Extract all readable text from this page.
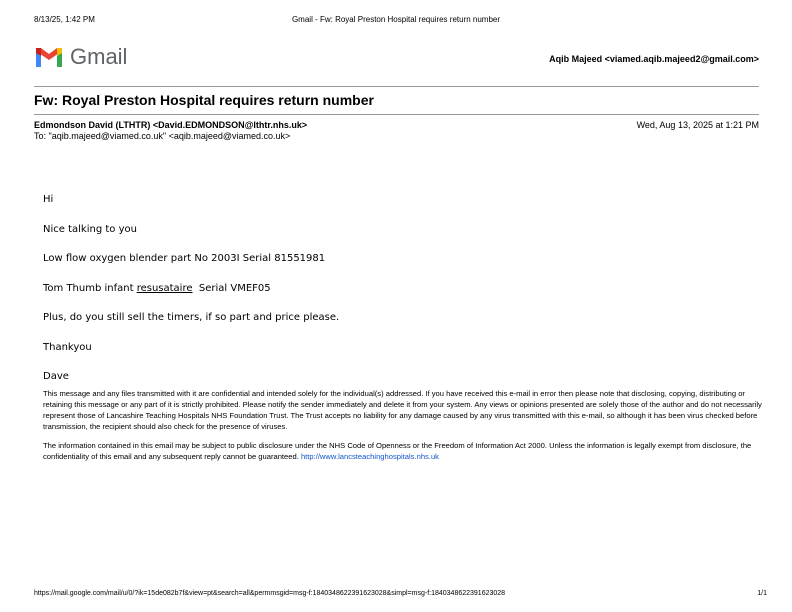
8/13/25, 1:42 PM	Gmail - Fw: Royal Preston Hospital requires return number
Gmail	Aqib Majeed <viamed.aqib.majeed2@gmail.com>
Fw: Royal Preston Hospital requires return number
Edmondson David (LTHTR) <David.EDMONDSON@lthtr.nhs.uk>
To: "aqib.majeed@viamed.co.uk" <aqib.majeed@viamed.co.uk>
Wed, Aug 13, 2025 at 1:21 PM

Hi

Nice talking to you

Low flow oxygen blender part No 2003I Serial 81551981

Tom Thumb infant resusataire  Serial VMEF05

Plus, do you still sell the timers, if so part and price please.

Thankyou

Dave

This message and any files transmitted with it are confidential and intended solely for the individual(s) addressed. If you have received this e-mail in error then please note that disclosing, copying, distributing or retaining this message or any part of it is strictly prohibited. Please notify the sender immediately and delete it from your system. Any views or opinions presented are solely those of the author and do not necessarily represent those of Lancashire Teaching Hospitals NHS Foundation Trust. The Trust accepts no liability for any damage caused by any virus transmitted with this e-mail, so although it has been virus checked before transmission, the recipient should also check for the presence of viruses.

The information contained in this email may be subject to public disclosure under the NHS Code of Openness or the Freedom of Information Act 2000. Unless the information is legally exempt from disclosure, the confidentiality of this email and any subsequent reply cannot be guaranteed. http://www.lancsteachinghospitals.nhs.uk

https://mail.google.com/mail/u/0/?ik=15de082b7f&view=pt&search=all&permmsgid=msg-f:1840348622391623028&simpl=msg-f:1840348622391623028	1/1
